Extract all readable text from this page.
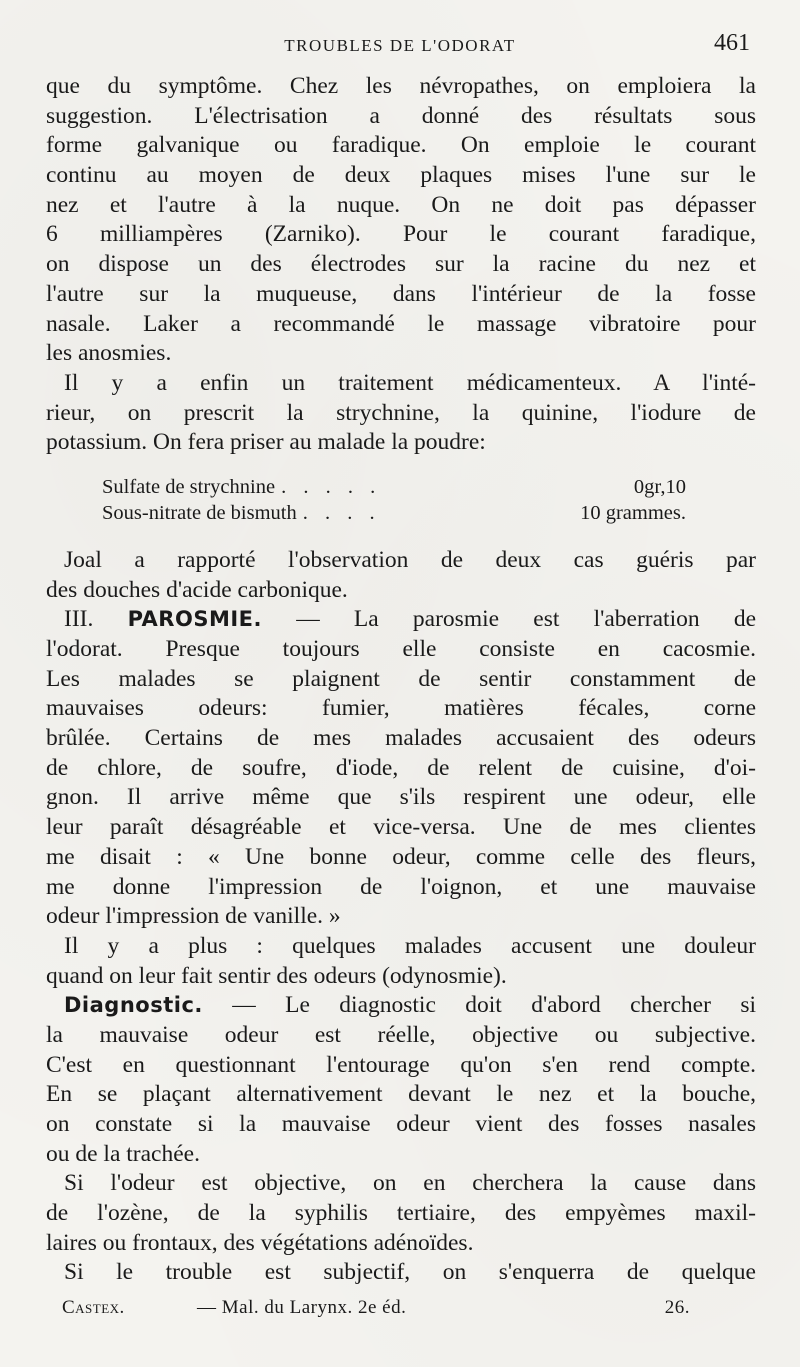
TROUBLES DE L'ODORAT	461
que du symptôme. Chez les névropathes, on emploiera la
suggestion. L'électrisation a donné des résultats sous
forme galvanique ou faradique. On emploie le courant
continu au moyen de deux plaques mises l'une sur le
nez et l'autre à la nuque. On ne doit pas dépasser
6 milliampères (Zarniko). Pour le courant faradique,
on dispose un des électrodes sur la racine du nez et
l'autre sur la muqueuse, dans l'intérieur de la fosse
nasale. Laker a recommandé le massage vibratoire pour
les anosmies.
Il y a enfin un traitement médicamenteux. A l'inté-
rieur, on prescrit la strychnine, la quinine, l'iodure de
potassium. On fera priser au malade la poudre:
Sulfate de strychnine . . . . .	0gr,10
Sous-nitrate de bismuth . . . .	10 grammes.
Joal a rapporté l'observation de deux cas guéris par
des douches d'acide carbonique.
III. PAROSMIE. — La parosmie est l'aberration de
l'odorat. Presque toujours elle consiste en cacosmie.
Les malades se plaignent de sentir constamment de
mauvaises odeurs: fumier, matières fécales, corne
brûlée. Certains de mes malades accusaient des odeurs
de chlore, de soufre, d'iode, de relent de cuisine, d'oi-
gnon. Il arrive même que s'ils respirent une odeur, elle
leur paraît désagréable et vice-versa. Une de mes clientes
me disait : « Une bonne odeur, comme celle des fleurs,
me donne l'impression de l'oignon, et une mauvaise
odeur l'impression de vanille. »
Il y a plus : quelques malades accusent une douleur
quand on leur fait sentir des odeurs (odynosmie).
Diagnostic. — Le diagnostic doit d'abord chercher si
la mauvaise odeur est réelle, objective ou subjective.
C'est en questionnant l'entourage qu'on s'en rend compte.
En se plaçant alternativement devant le nez et la bouche,
on constate si la mauvaise odeur vient des fosses nasales
ou de la trachée.
Si l'odeur est objective, on en cherchera la cause dans
de l'ozène, de la syphilis tertiaire, des empyèmes maxil-
laires ou frontaux, des végétations adénoïdes.
Si le trouble est subjectif, on s'enquerra de quelque
Castex.	— Mal. du Larynx. 2e éd.	26.
